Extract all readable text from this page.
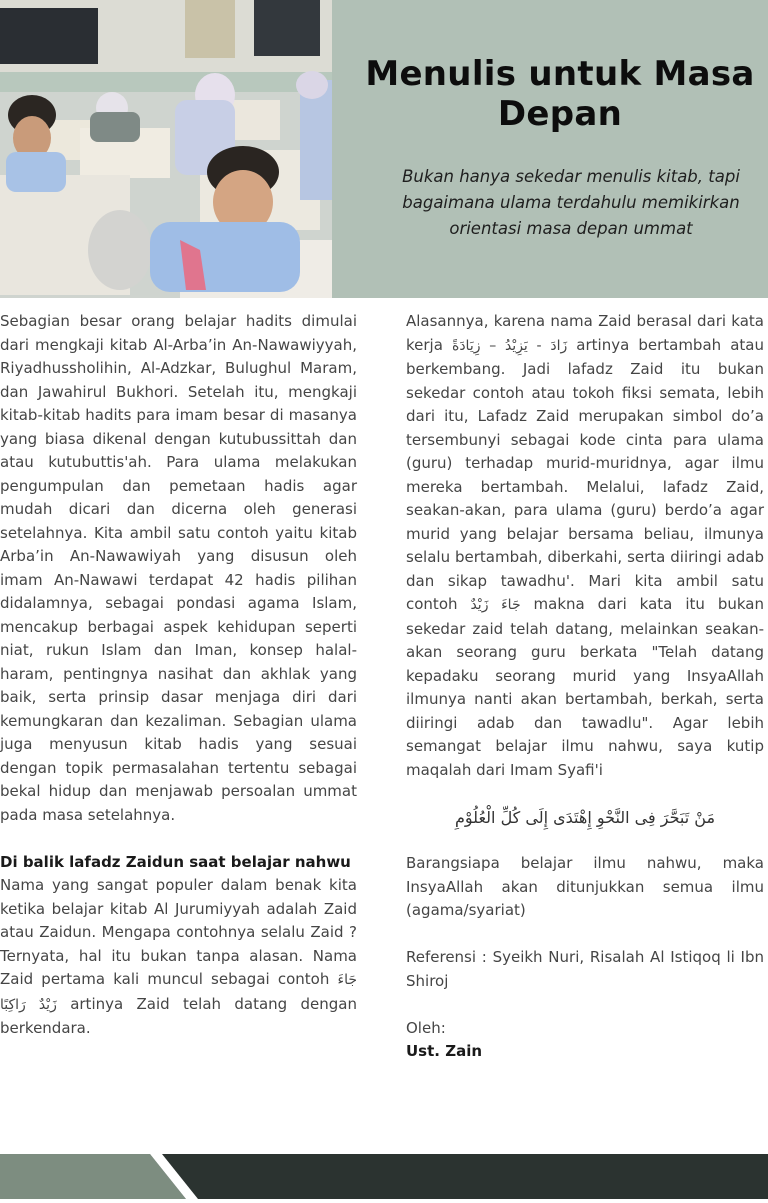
Menulis untuk Masa Depan

Bukan hanya sekedar menulis kitab, tapi bagaimana ulama terdahulu memikirkan orientasi masa depan ummat

Sebagian besar orang belajar hadits dimulai dari mengkaji kitab Al-Arba’in An-Nawawiyyah, Riyadhussholihin, Al-Adzkar, Bulughul Maram, dan Jawahirul Bukhori. Setelah itu, mengkaji kitab-kitab hadits para imam besar di masanya yang biasa dikenal dengan kutubussittah dan atau kutubuttis'ah. Para ulama melakukan pengumpulan dan pemetaan hadis agar mudah dicari dan dicerna oleh generasi setelahnya. Kita ambil satu contoh yaitu kitab Arba’in An-Nawawiyah yang disusun oleh imam An-Nawawi terdapat 42 hadis pilihan didalamnya, sebagai pondasi agama Islam, mencakup berbagai aspek kehidupan seperti niat, rukun Islam dan Iman, konsep halal-haram, pentingnya nasihat dan akhlak yang baik, serta prinsip dasar menjaga diri dari kemungkaran dan kezaliman. Sebagian ulama juga menyusun kitab hadis yang sesuai dengan topik permasalahan tertentu sebagai bekal hidup dan menjawab persoalan ummat pada masa setelahnya.

Di balik lafadz Zaidun saat belajar nahwu

Nama yang sangat populer dalam benak kita ketika belajar kitab Al Jurumiyyah adalah Zaid atau Zaidun. Mengapa contohnya selalu Zaid ? Ternyata, hal itu bukan tanpa alasan. Nama Zaid pertama kali muncul sebagai contoh جَاءَ زَيْدٌ رَاكِبًا artinya Zaid telah datang dengan berkendara.

Alasannya, karena nama Zaid berasal dari kata kerja زَادَ - يَزِيْدُ – زِيَادَةً artinya bertambah atau berkembang. Jadi lafadz Zaid itu bukan sekedar contoh atau tokoh fiksi semata, lebih dari itu, Lafadz Zaid merupakan simbol do’a tersembunyi sebagai kode cinta para ulama (guru) terhadap murid-muridnya, agar ilmu mereka bertambah. Melalui, lafadz Zaid, seakan-akan, para ulama (guru) berdo’a agar murid yang belajar bersama beliau, ilmunya selalu bertambah, diberkahi, serta diiringi adab dan sikap tawadhu'. Mari kita ambil satu contoh جَاءَ زَيْدٌ makna dari kata itu bukan sekedar zaid telah datang, melainkan seakan-akan seorang guru berkata "Telah datang kepadaku seorang murid yang InsyaAllah ilmunya nanti akan bertambah, berkah, serta diiringi adab dan tawadlu". Agar lebih semangat belajar ilmu nahwu, saya kutip maqalah dari Imam Syafi'i

مَنْ تَبَحَّرَ فِى النَّحْوِ إِهْتَدَى إِلَى كُلِّ الْعُلُوْمِ

Barangsiapa belajar ilmu nahwu, maka InsyaAllah akan ditunjukkan semua ilmu (agama/syariat)

Referensi : Syeikh Nuri, Risalah Al Istiqoq li Ibn Shiroj

Oleh:

Ust. Zain
